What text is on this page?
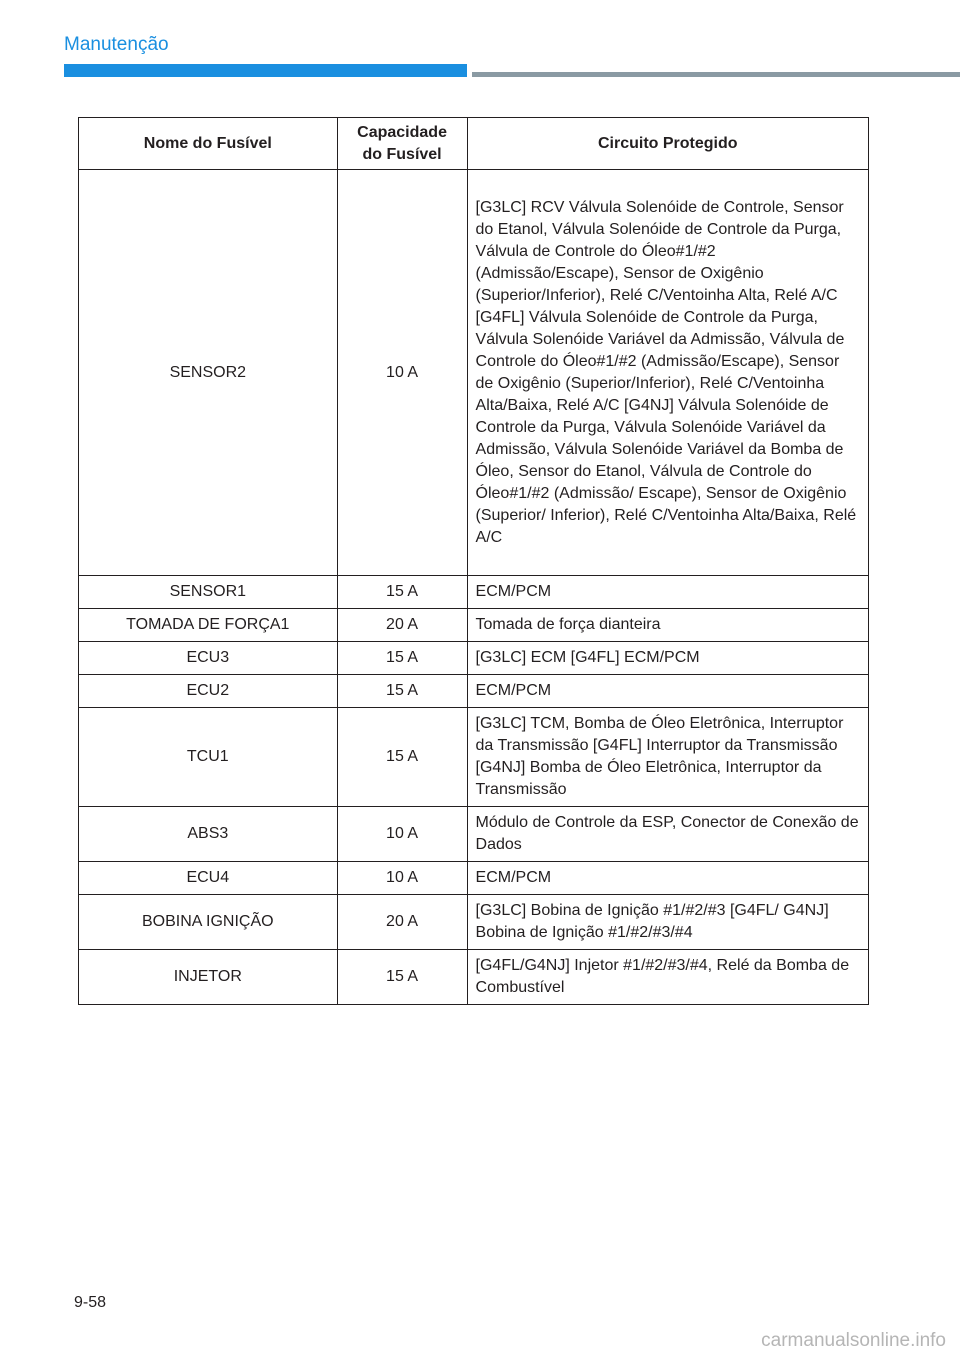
Manutenção
Nome do Fusível	Capacidade do Fusível	Circuito Protegido
SENSOR2	10 A	[G3LC] RCV Válvula Solenóide de Controle, Sensor do Etanol, Válvula Solenóide de Controle da Purga, Válvula de Controle do Óleo#1/#2 (Admissão/Escape), Sensor de Oxigênio (Superior/Inferior), Relé C/Ventoinha Alta, Relé A/C [G4FL] Válvula Solenóide de Controle da Purga, Válvula Solenóide Variável da Admissão, Válvula de Controle do Óleo#1/#2 (Admissão/Escape), Sensor de Oxigênio (Superior/Inferior), Relé C/Ventoinha Alta/Baixa, Relé A/C [G4NJ] Válvula Solenóide de Controle da Purga, Válvula Solenóide Variável da Admissão, Válvula Solenóide Variável da Bomba de Óleo, Sensor do Etanol, Válvula de Controle do Óleo#1/#2 (Admissão/ Escape), Sensor de Oxigênio (Superior/ Inferior), Relé C/Ventoinha Alta/Baixa, Relé A/C
SENSOR1	15 A	ECM/PCM
TOMADA DE FORÇA1	20 A	Tomada de força dianteira
ECU3	15 A	[G3LC] ECM [G4FL] ECM/PCM
ECU2	15 A	ECM/PCM
TCU1	15 A	[G3LC] TCM, Bomba de Óleo Eletrônica, Interruptor da Transmissão [G4FL] Interruptor da Transmissão [G4NJ] Bomba de Óleo Eletrônica, Interruptor da Transmissão
ABS3	10 A	Módulo de Controle da ESP, Conector de Conexão de Dados
ECU4	10 A	ECM/PCM
BOBINA IGNIÇÃO	20 A	[G3LC] Bobina de Ignição #1/#2/#3 [G4FL/ G4NJ] Bobina de Ignição #1/#2/#3/#4
INJETOR	15 A	[G4FL/G4NJ] Injetor #1/#2/#3/#4, Relé da Bomba de Combustível
9-58
carmanualsonline.info
